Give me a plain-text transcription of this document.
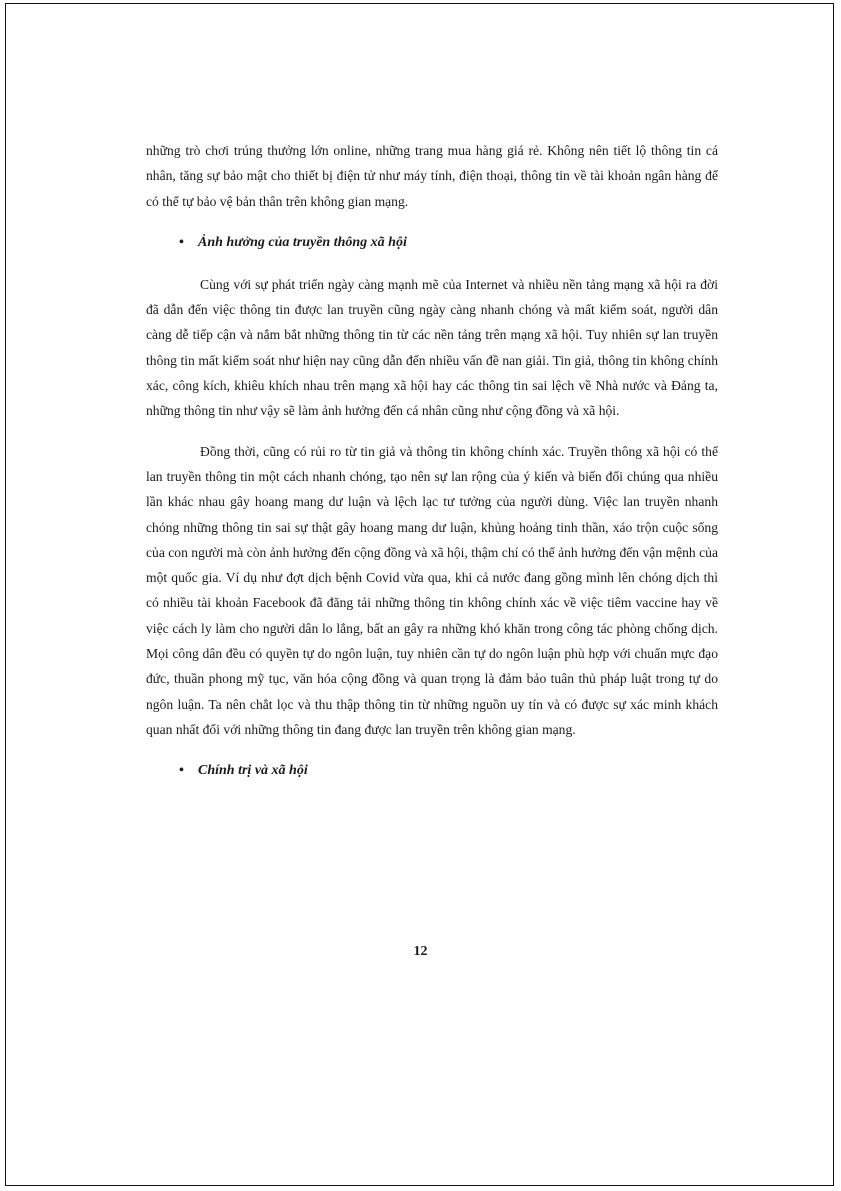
những trò chơi trúng thưởng lớn online, những trang mua hàng giá rẻ. Không nên tiết lộ thông tin cá nhân, tăng sự bảo mật cho thiết bị điện tử như máy tính, điện thoại, thông tin về tài khoản ngân hàng để có thể tự bảo vệ bản thân trên không gian mạng.

• Ảnh hưởng của truyền thông xã hội

Cùng với sự phát triển ngày càng mạnh mẽ của Internet và nhiều nền tảng mạng xã hội ra đời đã dẫn đến việc thông tin được lan truyền cũng ngày càng nhanh chóng và mất kiểm soát, người dân càng dễ tiếp cận và nắm bắt những thông tin từ các nền tảng trên mạng xã hội. Tuy nhiên sự lan truyền thông tin mất kiểm soát như hiện nay cũng dẫn đến nhiều vấn đề nan giải. Tin giả, thông tin không chính xác, công kích, khiêu khích nhau trên mạng xã hội hay các thông tin sai lệch về Nhà nước và Đảng ta, những thông tin như vậy sẽ làm ảnh hưởng đến cá nhân cũng như cộng đồng và xã hội.

Đồng thời, cũng có rủi ro từ tin giả và thông tin không chính xác. Truyền thông xã hội có thể lan truyền thông tin một cách nhanh chóng, tạo nên sự lan rộng của ý kiến và biến đổi chúng qua nhiều lần khác nhau gây hoang mang dư luận và lệch lạc tư tưởng của người dùng. Việc lan truyền nhanh chóng những thông tin sai sự thật gây hoang mang dư luận, khủng hoảng tinh thần, xáo trộn cuộc sống của con người mà còn ảnh hưởng đến cộng đồng và xã hội, thậm chí có thể ảnh hưởng đến vận mệnh của một quốc gia. Ví dụ như đợt dịch bệnh Covid vừa qua, khi cả nước đang gồng mình lên chóng dịch thì có nhiều tài khoản Facebook đã đăng tải những thông tin không chính xác về việc tiêm vaccine hay về việc cách ly làm cho người dân lo lắng, bất an gây ra những khó khăn trong công tác phòng chống dịch. Mọi công dân đều có quyền tự do ngôn luận, tuy nhiên cần tự do ngôn luận phù hợp với chuẩn mực đạo đức, thuần phong mỹ tục, văn hóa cộng đồng và quan trọng là đảm bảo tuân thủ pháp luật trong tự do ngôn luận. Ta nên chắt lọc và thu thập thông tin từ những nguồn uy tín và có được sự xác minh khách quan nhất đối với những thông tin đang được lan truyền trên không gian mạng.

• Chính trị và xã hội
12
